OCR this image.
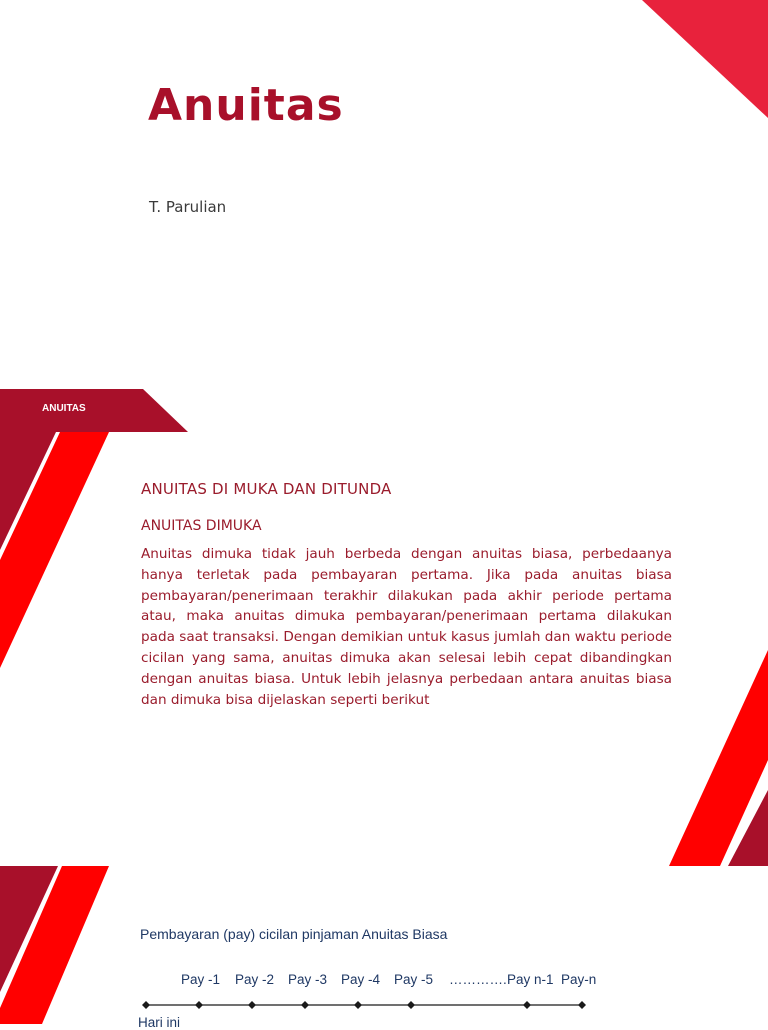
Anuitas
T. Parulian
ANUITAS
ANUITAS DI MUKA DAN DITUNDA
ANUITAS DIMUKA

Anuitas dimuka tidak jauh berbeda dengan anuitas biasa, perbedaanya hanya terletak pada pembayaran pertama. Jika pada anuitas biasa pembayaran/penerimaan terakhir dilakukan pada akhir periode pertama atau, maka anuitas dimuka pembayaran/penerimaan pertama dilakukan pada saat transaksi. Dengan demikian untuk kasus jumlah dan waktu periode cicilan yang sama, anuitas dimuka akan selesai lebih cepat dibandingkan dengan anuitas biasa. Untuk lebih jelasnya perbedaan antara anuitas biasa dan dimuka bisa dijelaskan seperti berikut

Pembayaran (pay) cicilan pinjaman Anuitas Biasa
Pay -1 Pay -2 Pay -3 Pay -4 Pay -5 …………. Pay n-1 Pay-n
Hari ini
